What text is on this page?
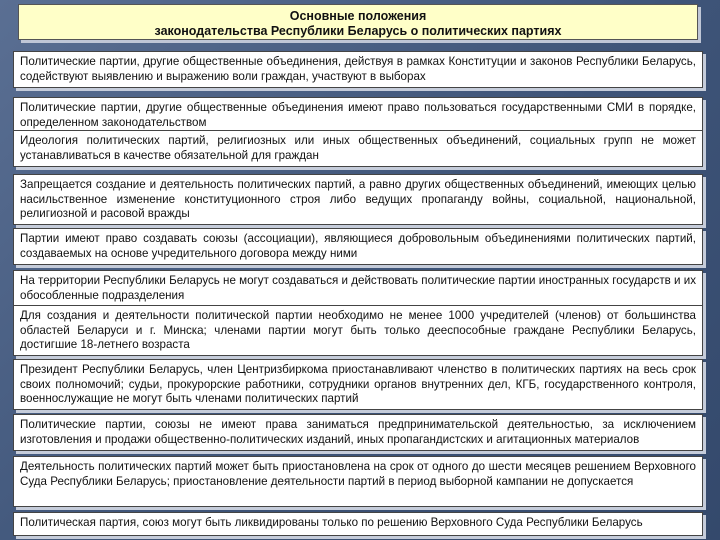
Основные положения
законодательства Республики Беларусь о политических партиях
Политические партии, другие общественные объединения, действуя в рамках Конституции и законов Республики Беларусь, содействуют выявлению и выражению воли граждан, участвуют в выборах
Политические партии, другие общественные объединения имеют право пользоваться государственными СМИ в порядке, определенном законодательством
Идеология политических партий, религиозных или иных общественных объединений, социальных групп не может устанавливаться в качестве обязательной для граждан
Запрещается создание и деятельность политических партий, а равно других общественных объединений, имеющих целью насильственное изменение конституционного строя либо ведущих пропаганду войны, социальной, национальной, религиозной и расовой вражды
Партии имеют право создавать союзы (ассоциации), являющиеся добровольным объединениями политических партий, создаваемых на основе учредительного договора между ними
На территории Республики Беларусь не могут создаваться и действовать политические партии иностранных государств и их обособленные подразделения
Для создания и деятельности политической партии необходимо не менее 1000 учредителей (членов) от большинства областей Беларуси и г. Минска; членами партии могут быть только дееспособные граждане Республики Беларусь, достигшие 18-летнего возраста
Президент Республики Беларусь, член Центризбиркома приостанавливают членство в политических партиях на весь срок своих полномочий; судьи, прокурорские работники, сотрудники органов внутренних дел, КГБ, государственного контроля, военнослужащие не могут быть членами политических партий
Политические партии, союзы не имеют права заниматься предпринимательской деятельностью, за исключением изготовления и продажи общественно-политических изданий, иных пропагандистских и агитационных материалов
Деятельность политических партий может быть приостановлена на срок от одного до шести месяцев решением Верховного Суда Республики Беларусь; приостановление деятельности партий в период выборной кампании не допускается
Политическая партия, союз могут быть ликвидированы только по решению Верховного Суда Республики Беларусь
